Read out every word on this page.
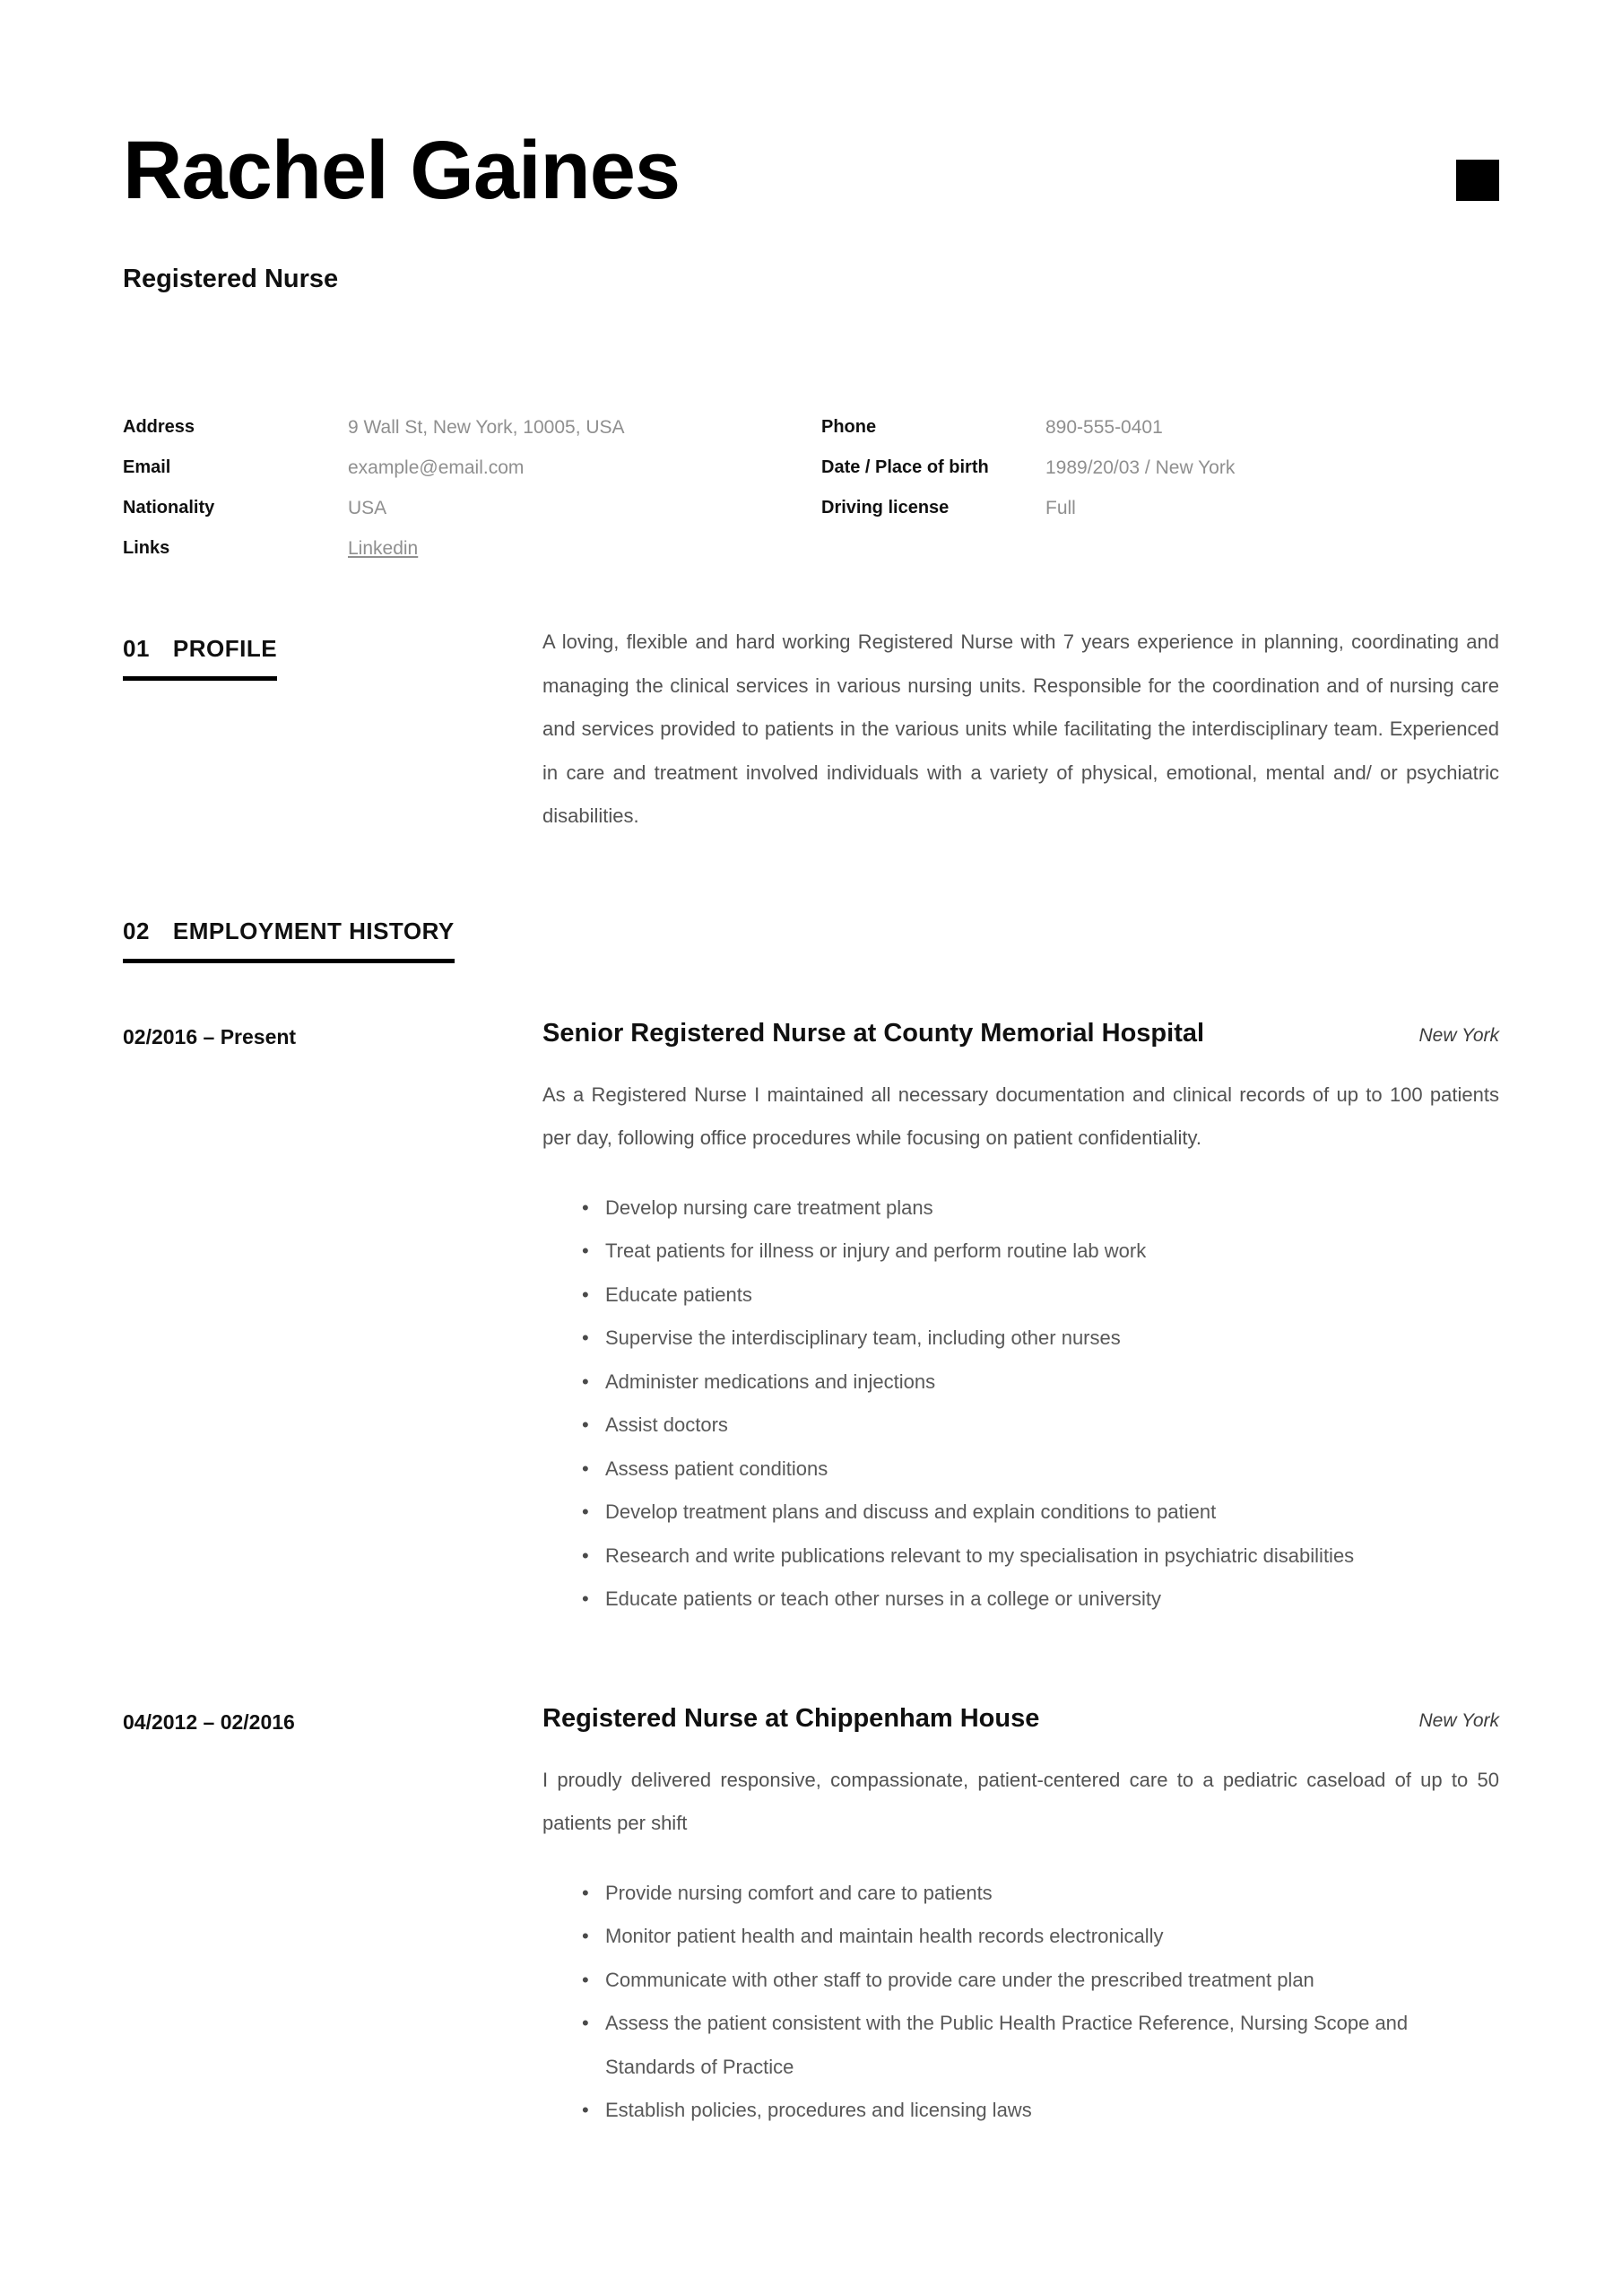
Rachel Gaines
Registered Nurse
Address	9 Wall St, New York, 10005, USA
Email	example@email.com
Nationality	USA
Links	Linkedin
Phone	890-555-0401
Date / Place of birth	1989/20/03 / New York
Driving license	Full
01 PROFILE	A loving, flexible and hard working Registered Nurse with 7 years experience in planning, coordinating and managing the clinical services in various nursing units. Responsible for the coordination and of nursing care and services provided to patients in the various units while facilitating the interdisciplinary team. Experienced in care and treatment involved individuals with a variety of physical, emotional, mental and/ or psychiatric disabilities.

02 EMPLOYMENT HISTORY
02/2016 – Present	Senior Registered Nurse at County Memorial Hospital	New York

As a Registered Nurse I maintained all necessary documentation and clinical records of up to 100 patients per day, following office procedures while focusing on patient confidentiality.

• Develop nursing care treatment plans
• Treat patients for illness or injury and perform routine lab work
• Educate patients
• Supervise the interdisciplinary team, including other nurses
• Administer medications and injections
• Assist doctors
• Assess patient conditions
• Develop treatment plans and discuss and explain conditions to patient
• Research and write publications relevant to my specialisation in psychiatric disabilities
• Educate patients or teach other nurses in a college or university
04/2012 – 02/2016	Registered Nurse at Chippenham House	New York

I proudly delivered responsive, compassionate, patient-centered care to a pediatric caseload of up to 50 patients per shift

• Provide nursing comfort and care to patients
• Monitor patient health and maintain health records electronically
• Communicate with other staff to provide care under the prescribed treatment plan
• Assess the patient consistent with the Public Health Practice Reference, Nursing Scope and Standards of Practice
• Establish policies, procedures and licensing laws
